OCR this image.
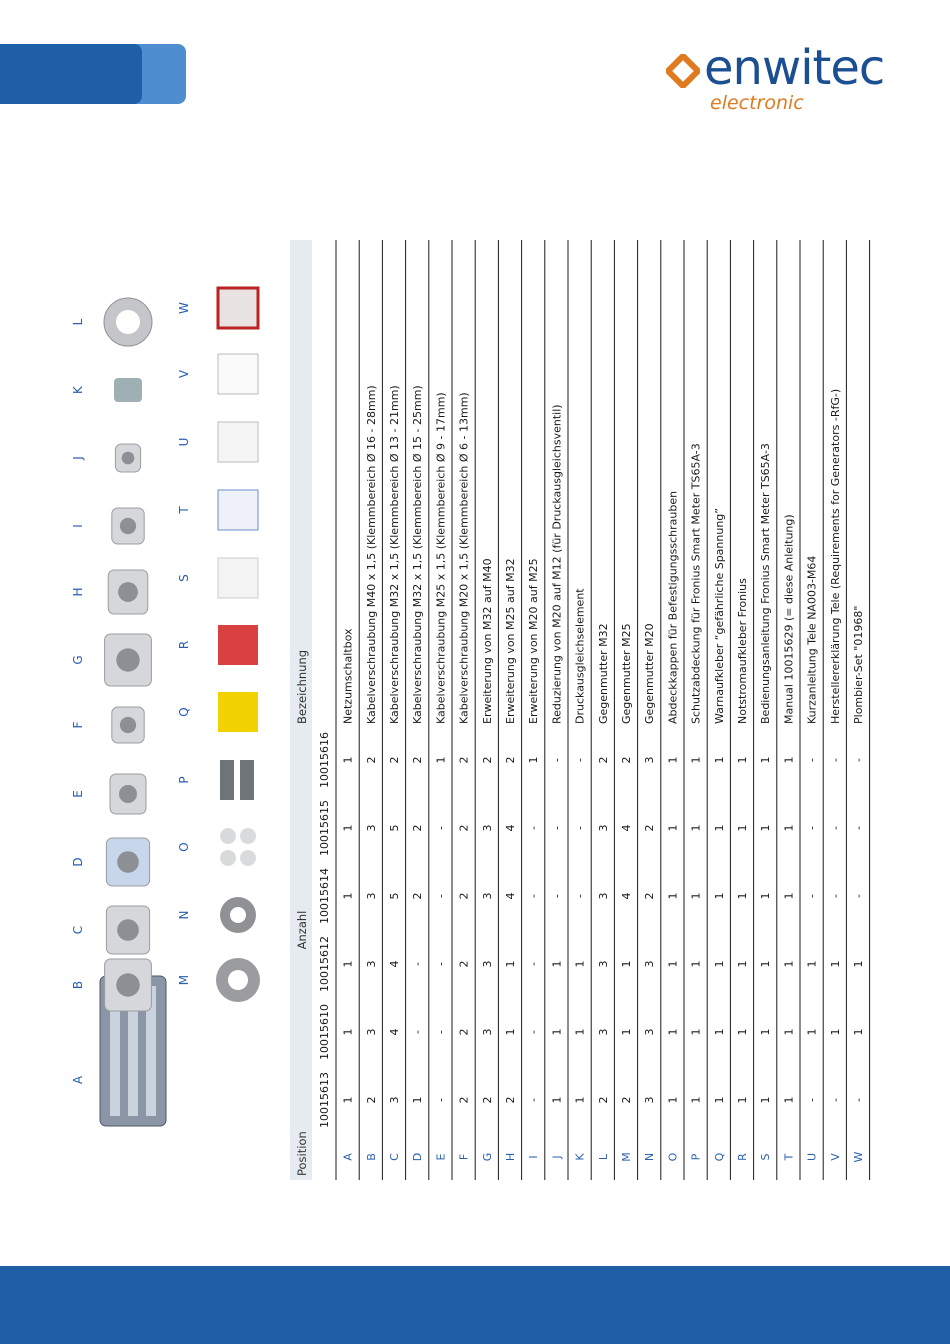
enwitec
electronic
Position
Anzahl
Bezeichnung
10015613
10015610
10015612
10015614
10015615
10015616
A
1
1
1
1
1
1
Netzumschaltbox
B
2
3
3
3
3
2
Kabelverschraubung M40 x 1,5 (Klemmbereich Ø 16 - 28mm)
C
3
4
4
5
5
2
Kabelverschraubung M32 x 1,5 (Klemmbereich Ø 13 - 21mm)
D
1
-
-
2
2
2
Kabelverschraubung M32 x 1,5 (Klemmbereich Ø 15 - 25mm)
E
-
-
-
-
-
1
Kabelverschraubung M25 x 1,5 (Klemmbereich Ø 9 - 17mm)
F
2
2
2
2
2
2
Kabelverschraubung M20 x 1,5 (Klemmbereich Ø 6 - 13mm)
G
2
3
3
3
3
2
Erweiterung von M32 auf M40
H
2
1
1
4
4
2
Erweiterung von M25 auf M32
I
-
-
-
-
-
1
Erweiterung von M20 auf M25
J
1
1
1
-
-
-
Reduzierung von M20 auf M12 (für Druckausgleichsventil)
K
1
1
1
-
-
-
Druckausgleichselement
L
2
3
3
3
3
2
Gegenmutter M32
M
2
1
1
4
4
2
Gegenmutter M25
N
3
3
3
2
2
3
Gegenmutter M20
O
1
1
1
1
1
1
Abdeckkappen für Befestigungsschrauben
P
1
1
1
1
1
1
Schutzabdeckung für Fronius Smart Meter TS65A-3
Q
1
1
1
1
1
1
Warnaufkleber “gefährliche Spannung”
R
1
1
1
1
1
1
Notstromaufkleber Fronius
S
1
1
1
1
1
1
Bedienungsanleitung Fronius Smart Meter TS65A-3
T
1
1
1
1
1
1
Manual 10015629 (= diese Anleitung)
U
-
1
1
-
-
-
Kurzanleitung Tele NA003-M64
V
-
1
1
-
-
-
Herstellererklärung Tele (Requirements for Generators -RfG-)
W
-
1
1
-
-
-
Plombier-Set "01968"
A
B
C
D
E
F
G
H
I
J
K
L
M
N
O
P
Q
R
S
T
U
V
W
